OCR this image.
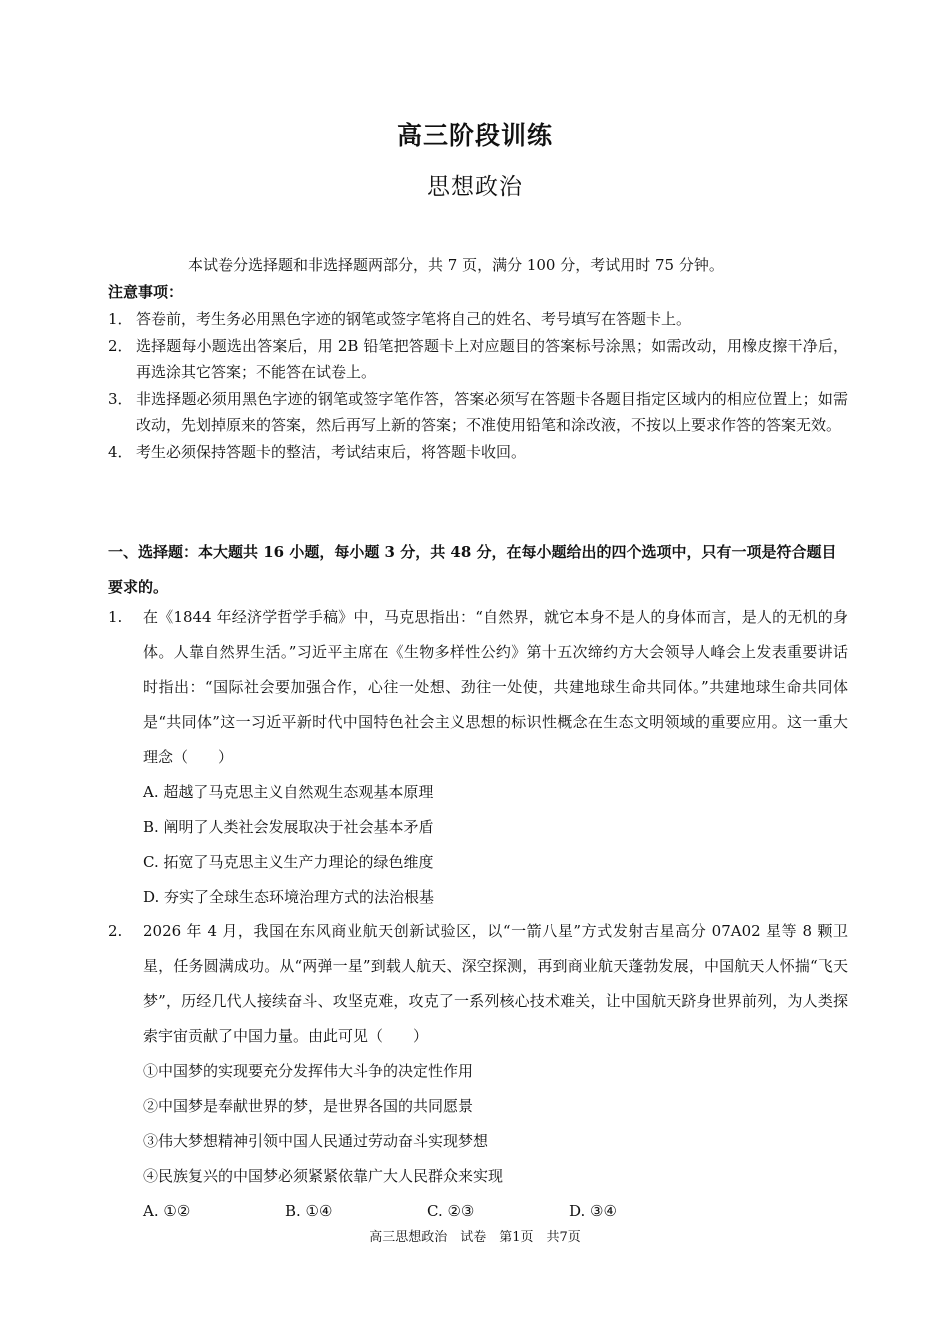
高三阶段训练
思想政治
本试卷分选择题和非选择题两部分，共 7 页，满分 100 分，考试用时 75 分钟。
注意事项：
1． 答卷前，考生务必用黑色字迹的钢笔或签字笔将自己的姓名、考号填写在答题卡上。
2． 选择题每小题选出答案后，用 2B 铅笔把答题卡上对应题目的答案标号涂黑；如需改动，用橡皮擦干净后，再选涂其它答案；不能答在试卷上。
3． 非选择题必须用黑色字迹的钢笔或签字笔作答，答案必须写在答题卡各题目指定区域内的相应位置上；如需改动，先划掉原来的答案，然后再写上新的答案；不准使用铅笔和涂改液，不按以上要求作答的答案无效。
4． 考生必须保持答题卡的整洁，考试结束后，将答题卡收回。
一、选择题：本大题共 16 小题，每小题 3 分，共 48 分，在每小题给出的四个选项中，只有一项是符合题目要求的。
1. 在《1844 年经济学哲学手稿》中，马克思指出：“自然界，就它本身不是人的身体而言，是人的无机的身体。人靠自然界生活。”习近平主席在《生物多样性公约》第十五次缔约方大会领导人峰会上发表重要讲话时指出：“国际社会要加强合作，心往一处想、劲往一处使，共建地球生命共同体。”共建地球生命共同体是“共同体”这一习近平新时代中国特色社会主义思想的标识性概念在生态文明领域的重要应用。这一重大理念（　　）
A. 超越了马克思主义自然观生态观基本原理
B. 阐明了人类社会发展取决于社会基本矛盾
C. 拓宽了马克思主义生产力理论的绿色维度
D. 夯实了全球生态环境治理方式的法治根基
2. 2026 年 4 月，我国在东风商业航天创新试验区，以“一箭八星”方式发射吉星高分 07A02 星等 8 颗卫星，任务圆满成功。从“两弹一星”到载人航天、深空探测，再到商业航天蓬勃发展，中国航天人怀揣“飞天梦”，历经几代人接续奋斗、攻坚克难，攻克了一系列核心技术难关，让中国航天跻身世界前列，为人类探索宇宙贡献了中国力量。由此可见（　　）
①中国梦的实现要充分发挥伟大斗争的决定性作用
②中国梦是奉献世界的梦，是世界各国的共同愿景
③伟大梦想精神引领中国人民通过劳动奋斗实现梦想
④民族复兴的中国梦必须紧紧依靠广大人民群众来实现
A. ①②	B. ①④	C. ②③	D. ③④
高三思想政治　试卷　第1页　共7页
